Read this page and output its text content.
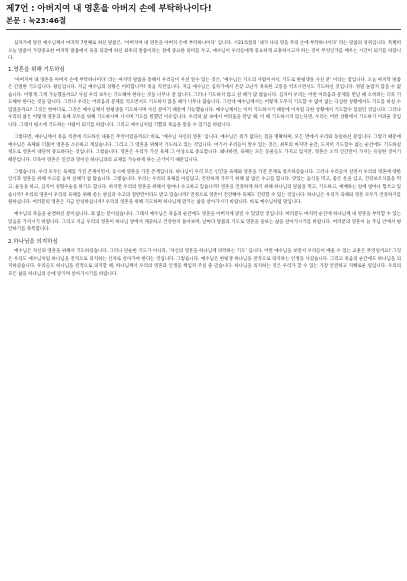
제7언 : 아버지여 내 영혼을 아버지 손에 부탁하나이다!
본문 : 눅23:46절

십자가에 달린 예수님께서 마지막 7번째로 하신 말씀은, ‘아버지여 내 영혼을 아버지 손에 부탁하나이다’ 입니다. 시31:5절의 ‘내가 나의 영을 주의 손에 부탁하나이다’ 라는 말씀의 성취입니다. 특별히 오늘 말씀이 가장중요한 마지막 말씀에서 육을 되찾에 하신 죄후의 말씀이라는 점에 중요한 의미를 두고, 예수님이 우리들에게 중요하게 교훈하시고자 하는 것이 무엇인가를 배우는 시간이 되기를 바랍니다.

1.영혼을 위해 기도하심

‘아버지여 내 영혼을 아버지 손에 부탁하나이다’ 라는 마지막 말씀을 통해서 우리들이 우선 알수 있는 것은, ‘예수님은 기도의 사람이셔서, 기도로 한평생을 사신 분’ 이라는 점입니다. 오늘 마지막 말씀은 간절한 기도입니다. 왕들입니다. 지금 예수님의 상황은 어떠합니까? 죽음 직전입니다. 지금 예수님은 십자가에서 온갖 고난가 혹독한 고통을 억조시면서도 기도하신 것입니다. 정말 놀랍지 않을 수 없습니다. 어떻게 그게 가능했을까요? 사실 우리 보두는 기도해야 한다는 것을 너무나 잘 압니다. 그러나 기도하지 않고 살 때가 많 많습니다. 심지어 우리는 어떤 어려움과 문제를 만날 때 오히려는 더욱 기도해야 한다는 것을 압니다. 그러나 우리는 어려움과 문제를 억오면서도 기도하지 않을 때가 너무나 많습니다. 그런데 예수님께서는 어떻게 도무지 기도할 수 없어 없는 극심한 상황에서도 기도를 하실 수 있었을까요? 그것은 한마디로, 그것은 예수님께서 한평생을 기도하시며 사신 분이기 때문에 가능했습니다. 예수님께서는 이미 기도하시기 때문에 이처럼 극한 상황에서 기도할수 있었던 것입니다. 그러나 우리의 삶은 어떻게 영혼과 육체 모두를 위해 기도하시며 사시며 기도를 원했던 이유입니다. 우리의 삶 속에서 어려움을 만날 때, 이 때 기도하시지 않는다면, 우리는 어떤 상황에서 기도하기 어려울 것입니다. 그래서 평소에 기도하는 사람이 되기를 바랍니다. 그리고 예수님처럼 기쁨의 죽음을 맞을 수 있기를 바랍니다.

그렇다면, 예수님께서 죽음 직전에 기도하신 내용은 무엇이었을까요? 바로, ‘예수님 자신의 영혼’ 입니다. 예수님은 죄가 없다는 점을 명확하며, 모든 면에서 우리와 동일하신 분입니다. 그렇기 때문에 예수님은 육체와 더불어 영혼을 소유하고 계셨습니다. 그리고 그 영혼을 위해서 기도하고 있는 것입니다. 여기서 우리들이 알수 있는 것은, 최후의 마지막 순간, 도저히 기도할수 없는 순간에도 기도하실 정도로 영혼이 대단히 중요하다는 것입니다. 그렇습니다. 영혼은 우리가 가진 육체 그 이상으로 중요합니다. 왜냐하면, 육체는 모든 동물들도 가지고 있지만, 영혼은 오직 인간만이 가지는 유일한 것이기 때문입니다. 더욱이 영혼은 인간과 영이신 하나님과의 교제를 가능하게 하는 근거이기 때문입니다.

그렇습니다. 우리 모두는 육체를 가진 존재이면서, 동시에 영혼을 가진 존재입니다. 하나님이 우리 모든 인간을 육체와 영혼을 가진 존재로 창조하셨습니다. 그러나 우리들이 살면서 우리의 영혼에 대한 인식과 영혼을 위해 수고를 놓쳐 살때가 참 많습니다. 그렇습니다. 우리는 우리의 육체를 아름답고, 건강하게 가꾸기 위해 참 많은 수고를 합니다. 맛있는 음식을 먹고, 좋은 옷을 입고, 건강보조식품을 먹고, 운동을 하고, 심지어 성형수술을 하기도 합니다. 하지만 우리의 영혼을 위해서 얼마나 수고하고 있습니까? 영혼을 건강하게 하기 위해 하나님의 말씀을 먹고, 기도하고, 예배하는 일에 얼마나 힘쓰고 있습니까? 우리의 영혼이 우리의 육체를 위해 쏟는 관심과 수고의 절반만이라도 받고 있습니까? 진정으로 영혼이 건강해야 육체도 건강할 수 있는 것입니다. 하나님은 우리가 육체와 영혼 모두가 건강하기를 원하십니다. 여러분의 영혼은 지금 안녕하십니까? 우리의 영혼을 위해 기도하며 하나님께 맡기는 삶을 살아가시기 바랍니다. 바로 예수님처럼 말입니다.

예수님의 죽음을 순결하신 분이십니다. 죄 없는 분이셨습니다. 그래서 예수님은 죽음의 순간에도 영혼을 아버지께 맡길 수 있었던 것입니다. 여러분도 마지막 순간에 하나님께 내 영혼을 부탁할 수 있는 믿음을 가지시기 바랍니다. 그리고 지금 우리의 영혼이 하나님 앞에서 깨끗하고 건강한지 돌아보며, 날마다 말씀과 기도로 영혼을 돌보는 삶을 살아가시기를 바랍니다. 여러분의 영혼이 늘 주님 안에서 평안하기를 축복합니다.

2.하나님을 의지하심

예수님은 자신의 영혼을 위해서 기도하셨습니다. 그러나 단순한 기도가 아니라, ‘자신의 영혼을 하나님께 의탁하는 기도’ 입니다. 어떤 예수님을 보면서 우리들이 배울 수 있는 교훈은 무엇일까요? 그것은 우리도 예수님처럼 하나님을 전적으로 의지하는 신자로 살아가야 한다는 것입니다. 그렇습니다. 예수님은 한평생 하나님을 전적으로 의지하는 인생을 사셨습니다. 그리고 죽음의 순간에도 하나님을 의지하셨습니다. 우리들도 하나님을 전적으로 의지할 때, 하나님께서 우리의 영혼과 인생을 책임져 주실 줄 믿습니다. 하나님을 의지하는 것은 우리가 할 수 있는 가장 안전하고 지혜로운 일입니다. 우리의 모든 삶을 하나님의 손에 맡기며 살아가시기를 바랍니다.
